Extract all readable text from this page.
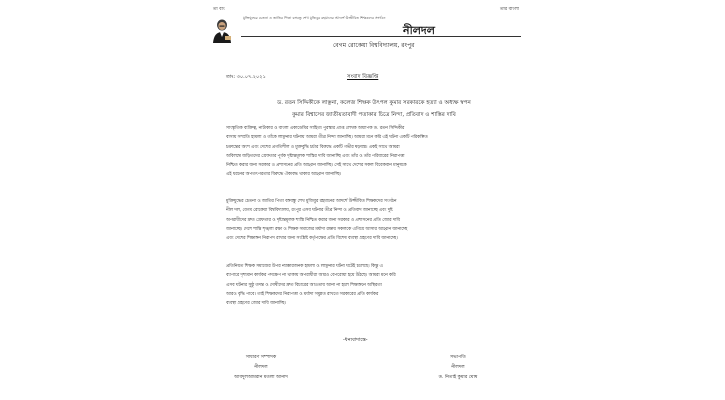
তা বাং	তার বাংলা
মুক্তিযুদ্ধের চেতনা ও জাতির পিতা বঙ্গবন্ধু শেখ মুজিবুর রহমানের আদর্শে উজ্জীবিত শিক্ষকদের সংগঠন
নীলদল
বেগম রোকেয়া বিশ্ববিদ্যালয়, রংপুর
তাং: ৩০.০৭.২০২১	সংবাদ বিজ্ঞপ্তি
ড. রতন সিদ্দিকীকে লাঞ্ছনা, কলেজ শিক্ষক উৎপল কুমার সরকারকে হত্যা ও অধ্যক্ষ স্বপন
কুমার বিশ্বাসের জাতীয়তাবাদী পতাকার চিত্রে নিন্দা, প্রতিবাদ ও শাস্তির দাবি
সাংস্কৃতিক ব্যক্তিত্ব, নাট্যকার ও বাংলা একাডেমির সাহিত্য পুরস্কার প্রাপ্ত লেখক অধ্যাপক ড. রতন সিদ্দিকীর
বাসায় সম্প্রতি হামলা ও তাঁকে লাঞ্ছনার ঘটনায় আমরা তীব্র নিন্দা জানাচ্ছি। আমরা মনে করি এই ঘটনা একটি পরিকল্পিত
চক্রান্তের অংশ এবং দেশের প্রগতিশীল ও মুক্তবুদ্ধি চর্চার বিরুদ্ধে একটি গভীর ষড়যন্ত্র। একই সাথে আমরা
অবিলম্বে জড়িতদের গ্রেফতার পূর্বক দৃষ্টান্তমূলক শাস্তির দাবি জানাচ্ছি এবং তাঁর ও তাঁর পরিবারের নিরাপত্তা
নিশ্চিত করার জন্য সরকার ও প্রশাসনের প্রতি আহ্বান জানাচ্ছি। সেই সাথে দেশের সকল বিবেকবান মানুষকে
এই ধরনের অপতৎপরতার বিরুদ্ধে ঐক্যবদ্ধ থাকার আহ্বান জানাচ্ছি।
মুক্তিযুদ্ধের চেতনা ও জাতির পিতা বঙ্গবন্ধু শেখ মুজিবুর রহমানের আদর্শে উজ্জীবিত শিক্ষকদের সংগঠন
নীল দল, বেগম রোকেয়া বিশ্ববিদ্যালয়, রংপুর এসব ঘটনার তীব্র নিন্দা ও প্রতিবাদ জানাচ্ছে এবং দুষ্ট
অপরাধীদের দ্রুত গ্রেফতার ও দৃষ্টান্তমূলক শাস্তি নিশ্চিত করার জন্য সরকার ও প্রশাসনের প্রতি জোর দাবি
জানাচ্ছে। দেশে শান্তি শৃঙ্খলা রক্ষা ও শিক্ষক সমাজের মর্যাদা রক্ষায় সকলকে এগিয়ে আসার আহ্বান জানাচ্ছে
এবং দেশের শিক্ষাঙ্গন নিরাপদ রাখার জন্য সংশ্লিষ্ট কর্তৃপক্ষের প্রতি বিশেষ ব্যবস্থা গ্রহণের দাবি জানাচ্ছে।
প্রতিনিয়ত শিক্ষক সমাজের উপর ন্যাক্কারজনক হামলা ও লাঞ্ছনার ঘটনা ঘটেই চলেছে। কিন্তু এ
ব্যাপারে দৃশ্যমান কার্যকর পদক্ষেপ না থাকায় অপরাধীরা আরও বেপরোয়া হয়ে উঠছে। আমরা মনে করি
এসব ঘটনার সুষ্ঠু তদন্ত ও দোষীদের দ্রুত বিচারের আওতায় আনা না হলে শিক্ষাঙ্গনে অস্থিরতা
আরও বৃদ্ধি পাবে। তাই শিক্ষকদের নিরাপত্তা ও মর্যাদা সমুন্নত রাখতে সরকারের প্রতি কার্যকর
ব্যবস্থা গ্রহণের জোর দাবি জানাচ্ছি।
-ধন্যবাদান্তে-
সাধারণ সম্পাদক
নীলদল
আবদুলআমরান মতলা আনাদ
সভাপতি
নীলদল
ড. নিতাই কুমার ঘোষ
